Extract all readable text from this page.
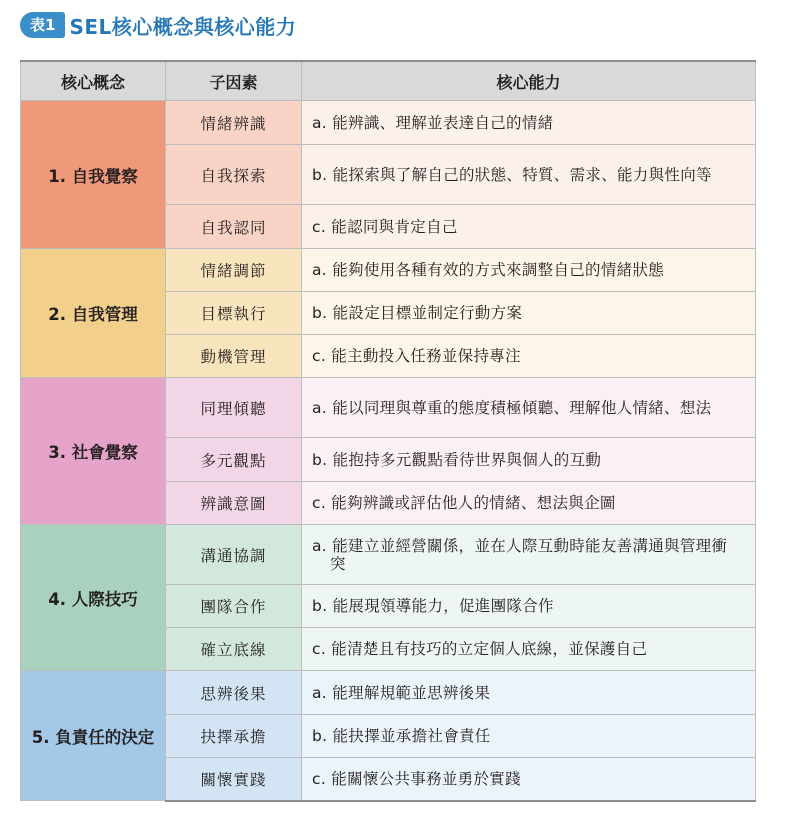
表1 SEL核心概念與核心能力
核心概念	子因素	核心能力
1. 自我覺察	情緒辨識	a. 能辨識、理解並表達自己的情緒

	自我探索	b. 能探索與了解自己的狀態、特質、需求、能力與性向等

	自我認同	c. 能認同與肯定自己

2. 自我管理	情緒調節	a. 能夠使用各種有效的方式來調整自己的情緒狀態

	目標執行	b. 能設定目標並制定行動方案

	動機管理	c. 能主動投入任務並保持專注

3. 社會覺察	同理傾聽	a. 能以同理與尊重的態度積極傾聽、理解他人情緒、想法

	多元觀點	b. 能抱持多元觀點看待世界與個人的互動

	辨識意圖	c. 能夠辨識或評估他人的情緒、想法與企圖

4. 人際技巧	溝通協調	a. 能建立並經營關係，並在人際互動時能友善溝通與管理衝突

	團隊合作	b. 能展現領導能力，促進團隊合作

	確立底線	c. 能清楚且有技巧的立定個人底線，並保護自己

5. 負責任的決定	思辨後果	a. 能理解規範並思辨後果

	抉擇承擔	b. 能抉擇並承擔社會責任

	關懷實踐	c. 能關懷公共事務並勇於實踐
